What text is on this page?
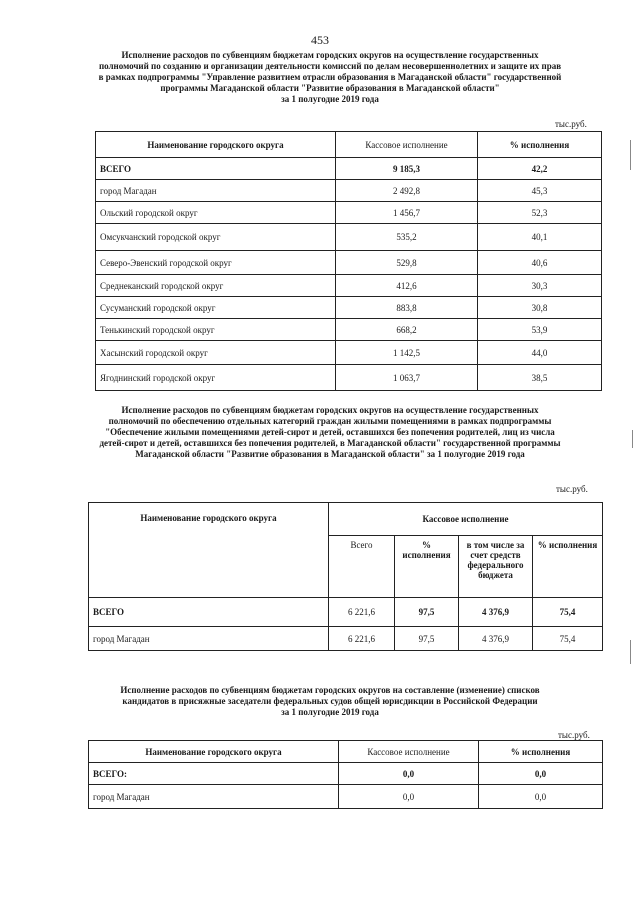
453
Исполнение расходов по субвенциям бюджетам городских округов на осуществление государственных
полномочий по созданию и организации деятельности комиссий по делам несовершеннолетних и защите их прав
в рамках подпрограммы "Управление развитием отрасли образования в Магаданской области" государственной
программы Магаданской области "Развитие образования в Магаданской области"
за 1 полугодие 2019 года
тыс.руб.
Наименование городского округа	Кассовое исполнение	% исполнения
ВСЕГО	9 185,3	42,2
город Магадан	2 492,8	45,3
Ольский городской округ	1 456,7	52,3
Омсукчанский городской округ	535,2	40,1
Северо-Эвенский городской округ	529,8	40,6
Среднеканский городской округ	412,6	30,3
Сусуманский городской округ	883,8	30,8
Тенькинский городской округ	668,2	53,9
Хасынский городской округ	1 142,5	44,0
Ягоднинский городской округ	1 063,7	38,5
Исполнение расходов по субвенциям бюджетам городских округов на осуществление государственных
полномочий по обеспечению отдельных категорий граждан жилыми помещениями в рамках подпрограммы
"Обеспечение жилыми помещениями детей-сирот и детей, оставшихся без попечения родителей, лиц из числа
детей-сирот и детей, оставшихся без попечения родителей, в Магаданской области" государственной программы
Магаданской области "Развитие образования в Магаданской области" за 1 полугодие 2019 года
тыс.руб.
Наименование городского округа	Кассовое исполнение			
	Всего	% исполнения	в том числе за счет средств федерального бюджета	% исполнения
ВСЕГО	6 221,6	97,5	4 376,9	75,4
город Магадан	6 221,6	97,5	4 376,9	75,4
Исполнение расходов по субвенциям бюджетам городских округов на составление (изменение) списков
кандидатов в присяжные заседатели федеральных судов общей юрисдикции в Российской Федерации
за 1 полугодие 2019 года
тыс.руб.
Наименование городского округа	Кассовое исполнение	% исполнения
ВСЕГО:	0,0	0,0
город Магадан	0,0	0,0
